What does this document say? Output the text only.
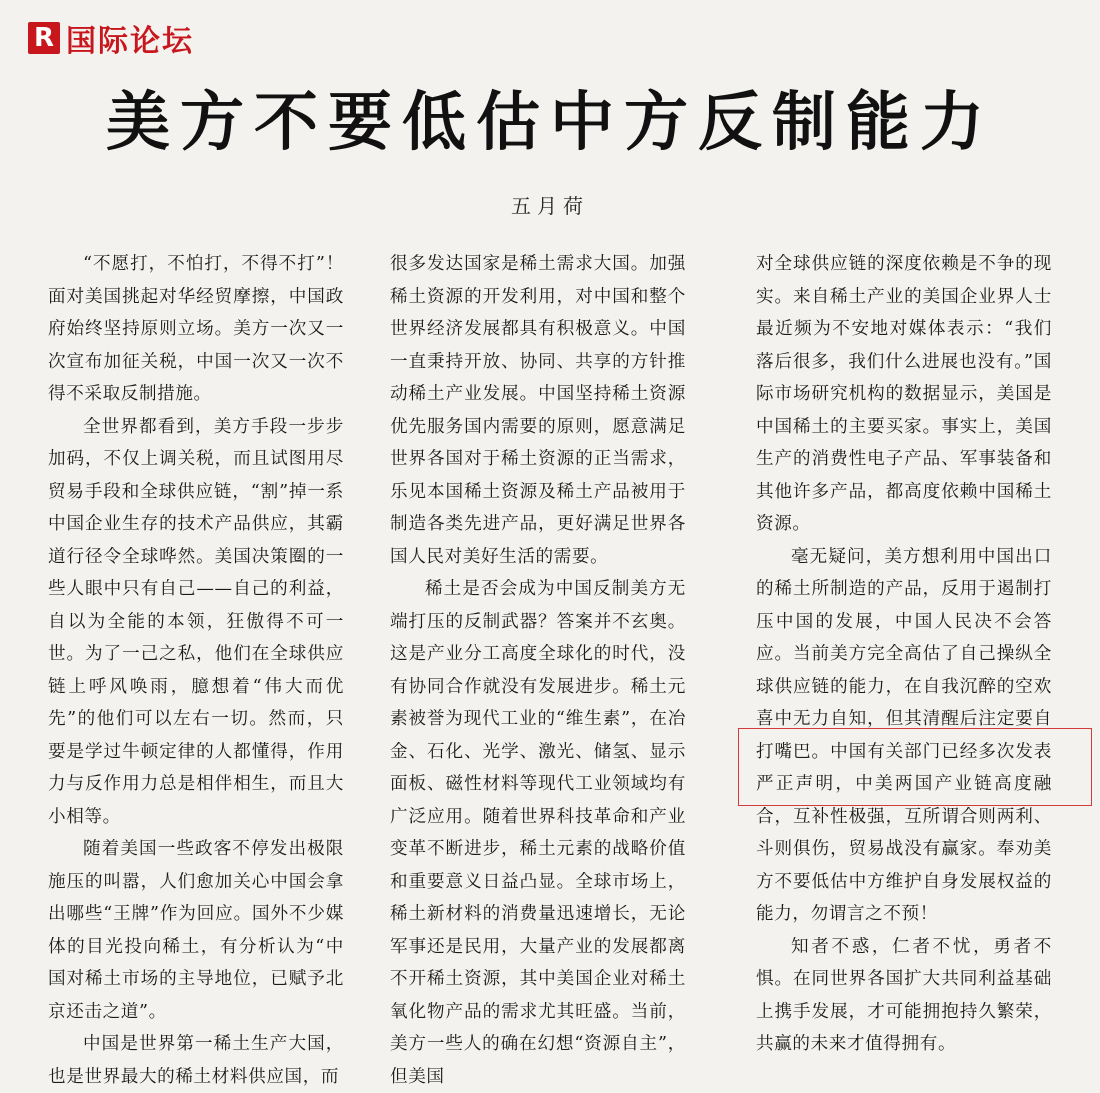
R 国际论坛
美方不要低估中方反制能力
五月荷

“不愿打，不怕打，不得不打”！面对美国挑起对华经贸摩擦，中国政府始终坚持原则立场。美方一次又一次宣布加征关税，中国一次又一次不得不采取反制措施。

全世界都看到，美方手段一步步加码，不仅上调关税，而且试图用尽贸易手段和全球供应链，“割”掉一系中国企业生存的技术产品供应，其霸道行径令全球哗然。美国决策圈的一些人眼中只有自己——自己的利益，自以为全能的本领，狂傲得不可一世。为了一己之私，他们在全球供应链上呼风唤雨，臆想着“伟大而优先”的他们可以左右一切。然而，只要是学过牛顿定律的人都懂得，作用力与反作用力总是相伴相生，而且大小相等。

随着美国一些政客不停发出极限施压的叫嚣，人们愈加关心中国会拿出哪些“王牌”作为回应。国外不少媒体的目光投向稀土，有分析认为“中国对稀土市场的主导地位，已赋予北京还击之道”。

中国是世界第一稀土生产大国，也是世界最大的稀土材料供应国，而

很多发达国家是稀土需求大国。加强稀土资源的开发利用，对中国和整个世界经济发展都具有积极意义。中国一直秉持开放、协同、共享的方针推动稀土产业发展。中国坚持稀土资源优先服务国内需要的原则，愿意满足世界各国对于稀土资源的正当需求，乐见本国稀土资源及稀土产品被用于制造各类先进产品，更好满足世界各国人民对美好生活的需要。

稀土是否会成为中国反制美方无端打压的反制武器？答案并不玄奥。这是产业分工高度全球化的时代，没有协同合作就没有发展进步。稀土元素被誉为现代工业的“维生素”，在冶金、石化、光学、激光、储氢、显示面板、磁性材料等现代工业领域均有广泛应用。随着世界科技革命和产业变革不断进步，稀土元素的战略价值和重要意义日益凸显。全球市场上，稀土新材料的消费量迅速增长，无论军事还是民用，大量产业的发展都离不开稀土资源，其中美国企业对稀土氧化物产品的需求尤其旺盛。当前，美方一些人的确在幻想“资源自主”，但美国

对全球供应链的深度依赖是不争的现实。来自稀土产业的美国企业界人士最近频为不安地对媒体表示：“我们落后很多，我们什么进展也没有。”国际市场研究机构的数据显示，美国是中国稀土的主要买家。事实上，美国生产的消费性电子产品、军事装备和其他许多产品，都高度依赖中国稀土资源。

毫无疑问，美方想利用中国出口的稀土所制造的产品，反用于遏制打压中国的发展，中国人民决不会答应。当前美方完全高估了自己操纵全球供应链的能力，在自我沉醉的空欢喜中无力自知，但其清醒后注定要自打嘴巴。中国有关部门已经多次发表严正声明，中美两国产业链高度融合，互补性极强，互所谓合则两利、斗则俱伤，贸易战没有赢家。奉劝美方不要低估中方维护自身发展权益的能力，勿谓言之不预！

知者不惑，仁者不忧，勇者不惧。在同世界各国扩大共同利益基础上携手发展，才可能拥抱持久繁荣，共赢的未来才值得拥有。
